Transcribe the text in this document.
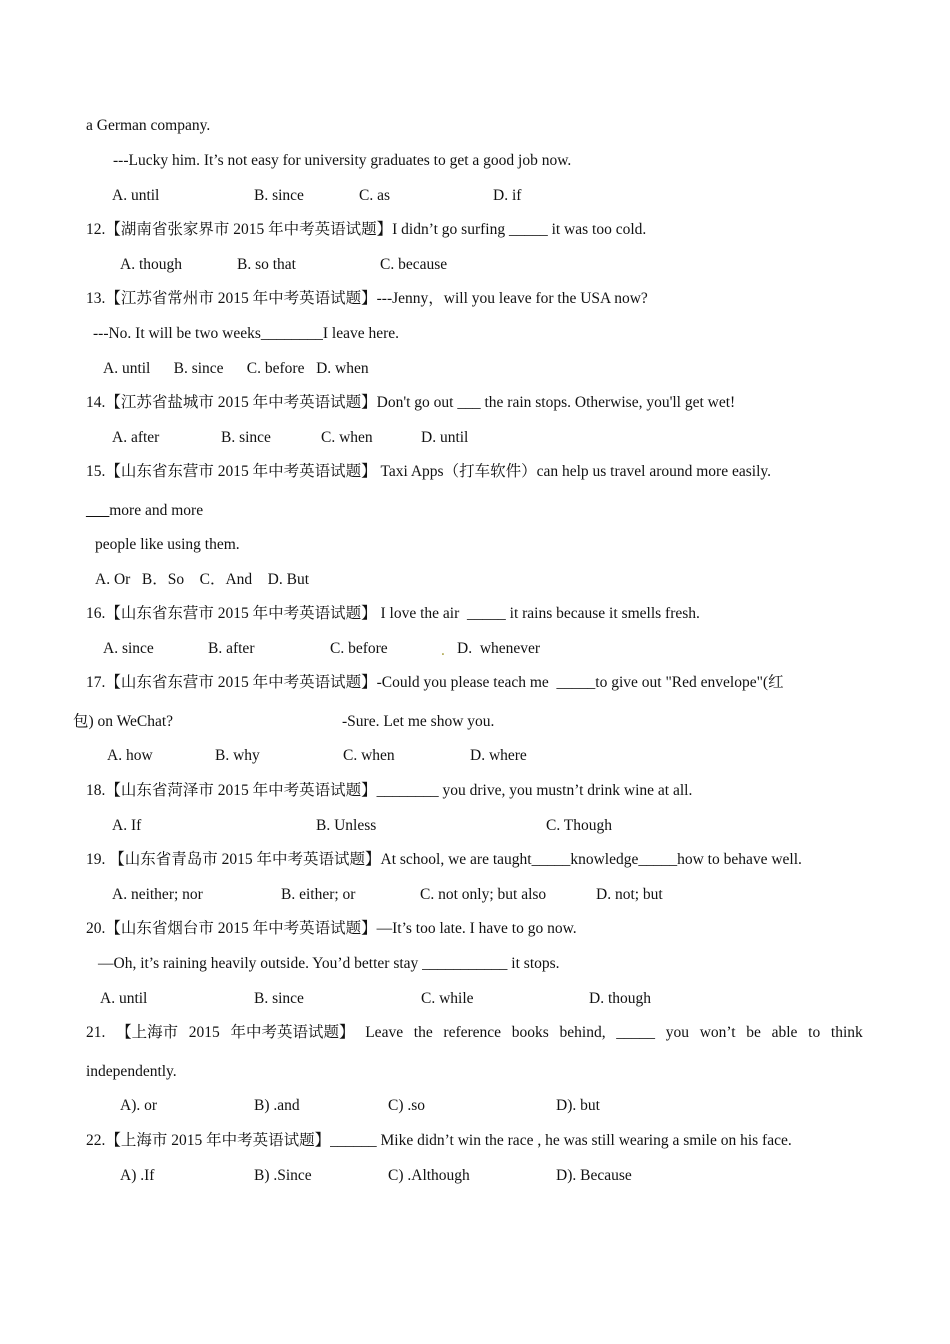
a German company.
---Lucky him. It’s not easy for university graduates to get a good job now.
A. until	B. since	C. as	D. if
12.【湖南省张家界市 2015 年中考英语试题】I didn’t go surfing _____ it was too cold.
A. though	B. so that	C. because
13.【江苏省常州市 2015 年中考英语试题】---Jenny，will you leave for the USA now?
---No. It will be two weeks________I leave here.
A. until      B. since      C. before   D. when
14.【江苏省盐城市 2015 年中考英语试题】Don't go out ___ the rain stops. Otherwise, you'll get wet!
A. after	B. since	C. when	D. until
15.【山东省东营市 2015 年中考英语试题】 Taxi Apps（打车软件）can help us travel around more easily.
___more and more
people like using them.
A. Or   B．So    C．And    D. But
16.【山东省东营市 2015 年中考英语试题】 I love the air  _____ it rains because it smells fresh.
A. since	B. after	C. before	. D.  whenever
17.【山东省东营市 2015 年中考英语试题】-Could you please teach me  _____to give out "Red envelope"(红
包) on WeChat?	-Sure. Let me show you.
A. how	B. why	C. when	D. where
18.【山东省菏泽市 2015 年中考英语试题】________ you drive, you mustn’t drink wine at all.
A. If	B. Unless	C. Though
19. 【山东省青岛市 2015 年中考英语试题】At school, we are taught_____knowledge_____how to behave well.
A. neither; nor	B. either; or	C. not only; but also	D. not; but
20.【山东省烟台市 2015 年中考英语试题】—It’s too late. I have to go now.
—Oh, it’s raining heavily outside. You’d better stay ___________ it stops.
A. until	B. since	C. while	D. though
21. 【上海市 2015 年中考英语试题】 Leave the reference books behind, _____ you won’t be able to think
independently.
A). or	B) .and	C) .so	D). but
22.【上海市 2015 年中考英语试题】______ Mike didn’t win the race , he was still wearing a smile on his face.
A) .If	B) .Since	C) .Although	D). Because
